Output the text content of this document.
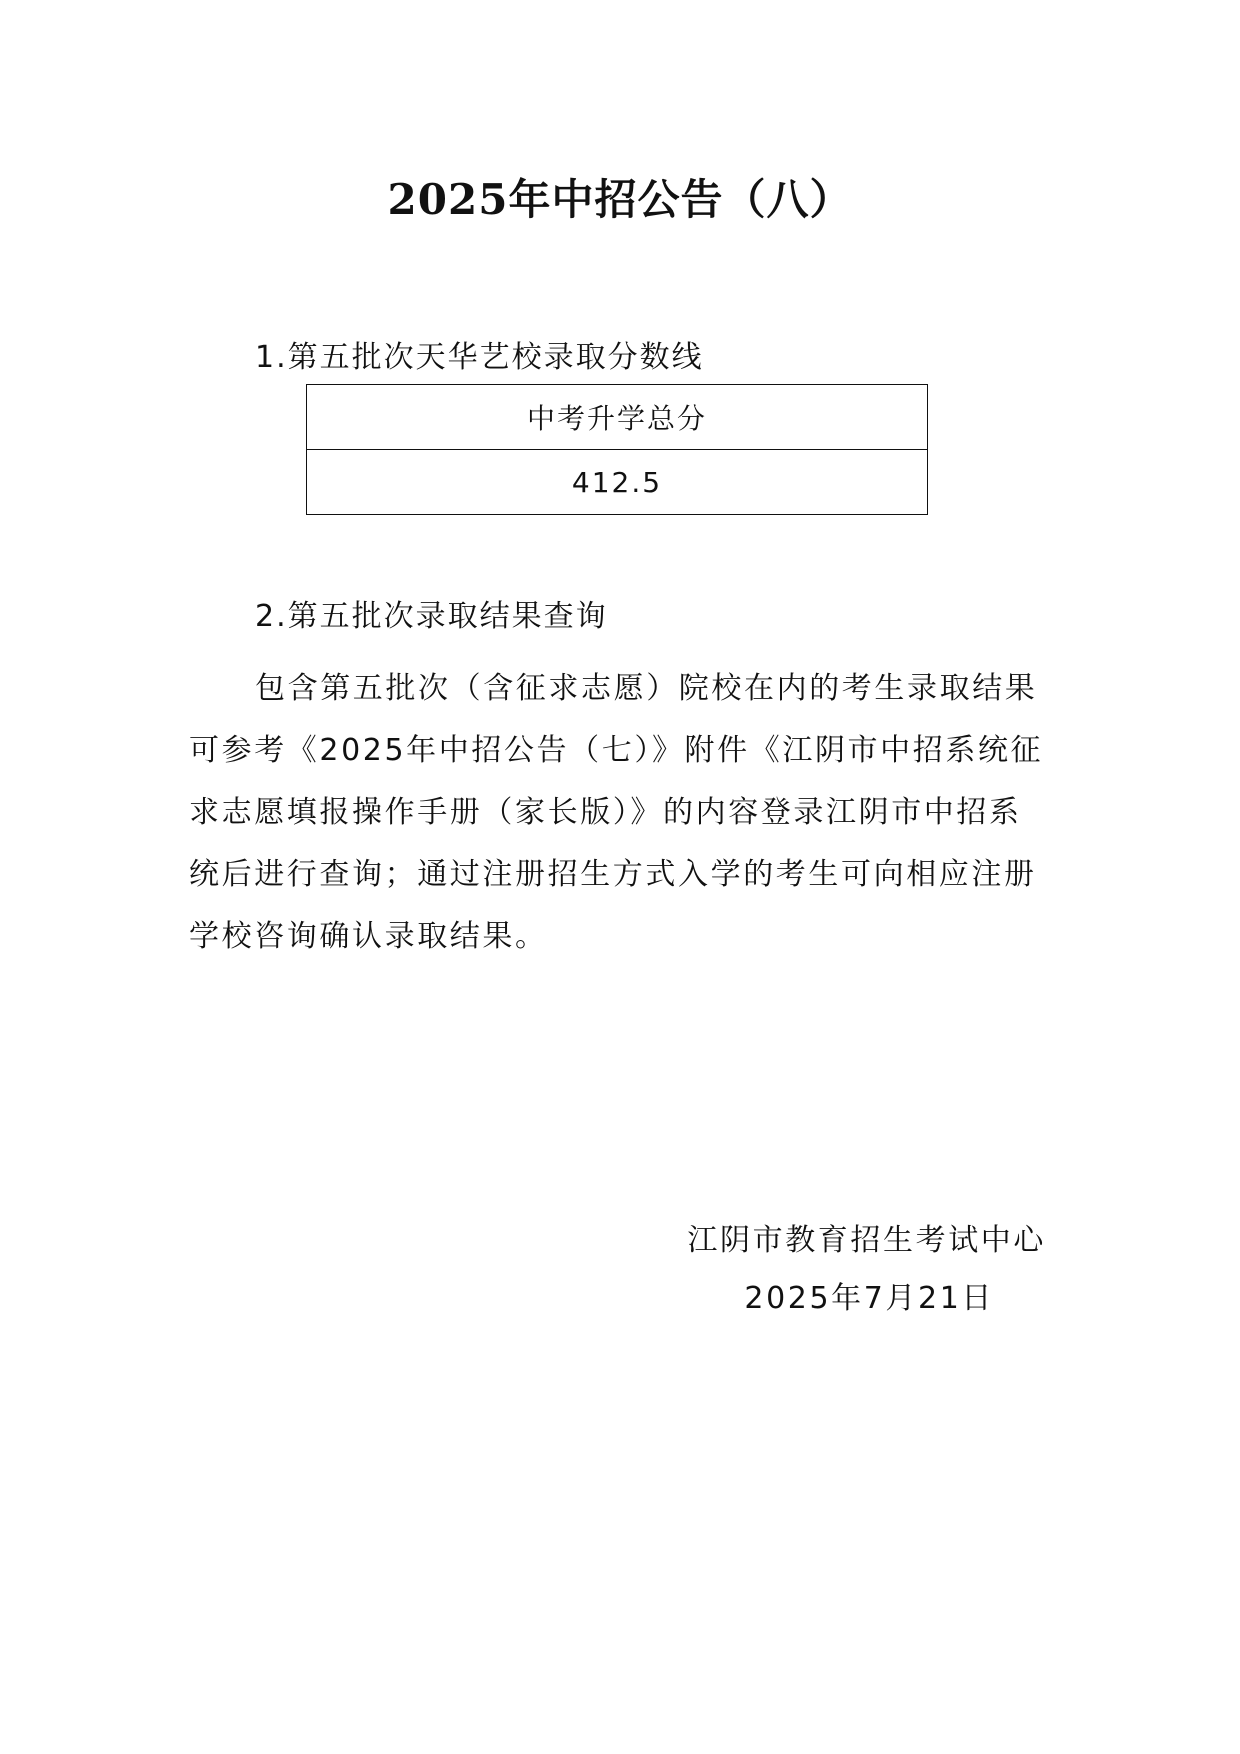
2025年中招公告（八）

1.第五批次天华艺校录取分数线

中考升学总分
412.5

2.第五批次录取结果查询

包含第五批次（含征求志愿）院校在内的考生录取结果
可参考《2025年中招公告（七）》附件《江阴市中招系统征
求志愿填报操作手册（家长版）》的内容登录江阴市中招系
统后进行查询；通过注册招生方式入学的考生可向相应注册
学校咨询确认录取结果。

江阴市教育招生考试中心
2025年7月21日
